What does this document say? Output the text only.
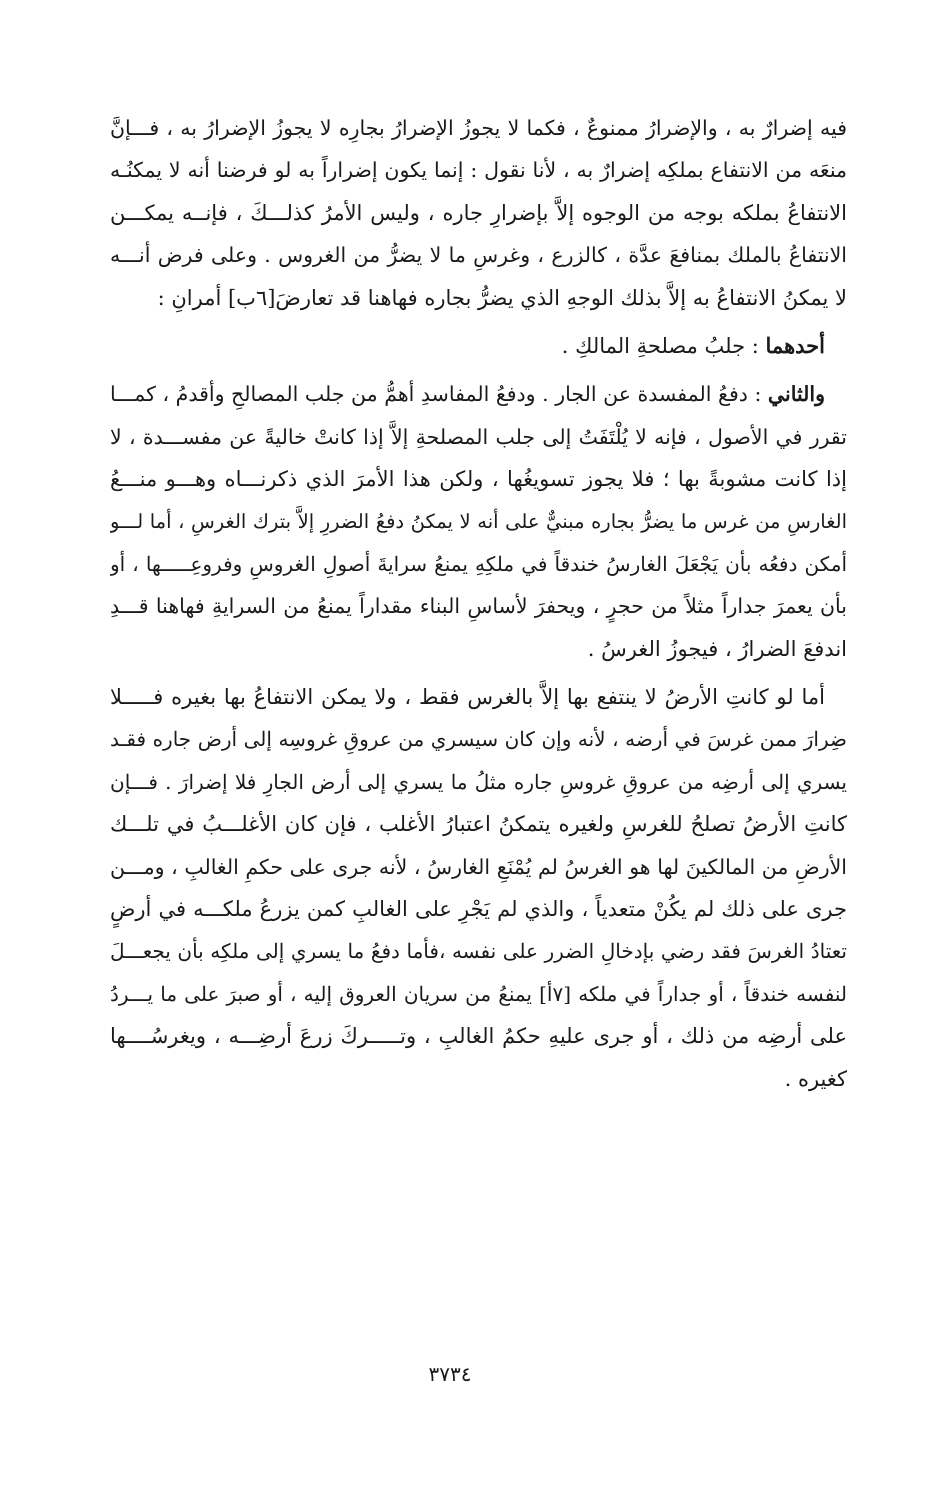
فيه إضرارٌ به ، والإضرارُ ممنوعٌ ، فكما لا يجوزُ الإضرارُ بجارِه لا يجوزُ الإضرارُ به ، فـــإنَّ
منعَه من الانتفاع بملكِه إضرارٌ به ، لأنا نقول : إنما يكون إضراراً به لو فرضنا أنه لا يمكنُـه
الانتفاعُ بملكه بوجه من الوجوه إلاَّ بإضرارِ جاره ، وليس الأمرُ كذلـــكَ ، فإنــه يمكـــن
الانتفاعُ بالملك بمنافعَ عدَّة ، كالزرع ، وغرسِ ما لا يضرُّ من الغروس . وعلى فرض أنـــه
لا يمكنُ الانتفاعُ به إلاَّ بذلك الوجهِ الذي يضرُّ بجاره فهاهنا قد تعارضَ[٦ب] أمرانِ :
أحدهما : جلبُ مصلحةِ المالكِ .
والثاني : دفعُ المفسدة عن الجار . ودفعُ المفاسدِ أهمُّ من جلب المصالحِ وأقدمُ ، كمـــا
تقرر في الأصول ، فإنه لا يُلْتَفَتُ إلى جلب المصلحةِ إلاَّ إذا كانتْ خاليةً عن مفســـدة ، لا
إذا كانت مشوبةً بها ؛ فلا يجوز تسويغُها ، ولكن هذا الأمرَ الذي ذكرنـــاه وهـــو منـــعُ
الغارسِ من غرس ما يضرُّ بجاره مبنيٌّ على أنه لا يمكنُ دفعُ الضررِ إلاَّ بترك الغرسِ ، أما لـــو
أمكن دفعُه بأن يَجْعَلَ الغارسُ خندقاً في ملكِهِ يمنعُ سرايةَ أصولِ الغروسِ وفروعِـــــها ، أو
بأن يعمرَ جداراً مثلاً من حجرٍ ، ويحفرَ لأساسِ البناء مقداراً يمنعُ من السرايةِ فهاهنا قـــدِ
اندفعَ الضرارُ ، فيجوزُ الغرسُ .
أما لو كانتِ الأرضُ لا ينتفع بها إلاَّ بالغرس فقط ، ولا يمكن الانتفاعُ بها بغيره فـــــلا
ضِرارَ ممن غرسَ في أرضه ، لأنه وإن كان سيسري من عروقِ غروسِه إلى أرض جاره فقـد
يسري إلى أرضِه من عروقِ غروسِ جاره مثلُ ما يسري إلى أرض الجارِ فلا إضرارَ . فـــإن
كانتِ الأرضُ تصلحُ للغرسِ ولغيره يتمكنُ اعتبارُ الأغلب ، فإن كان الأغلـــبُ في تلـــك
الأرضِ من المالكينَ لها هو الغرسُ لم يُمْنَعِ الغارسُ ، لأنه جرى على حكمِ الغالبِ ، ومـــن
جرى على ذلك لم يكُنْ متعدياً ، والذي لم يَجْرِ على الغالبِ كمن يزرعُ ملكـــه في أرضٍ
تعتادُ الغرسَ فقد رضي بإدخالِ الضرر على نفسه ،فأما دفعُ ما يسري إلى ملكِه بأن يجعـــلَ
لنفسه خندقاً ، أو جداراً في ملكه [٧أ] يمنعُ من سريان العروق إليه ، أو صبرَ على ما يـــردُ
على أرضِه من ذلك ، أو جرى عليهِ حكمُ الغالبِ ، وتـــــركَ زرعَ أرضِـــه ، ويغرسُــــها
كغيره .
٣٧٣٤
